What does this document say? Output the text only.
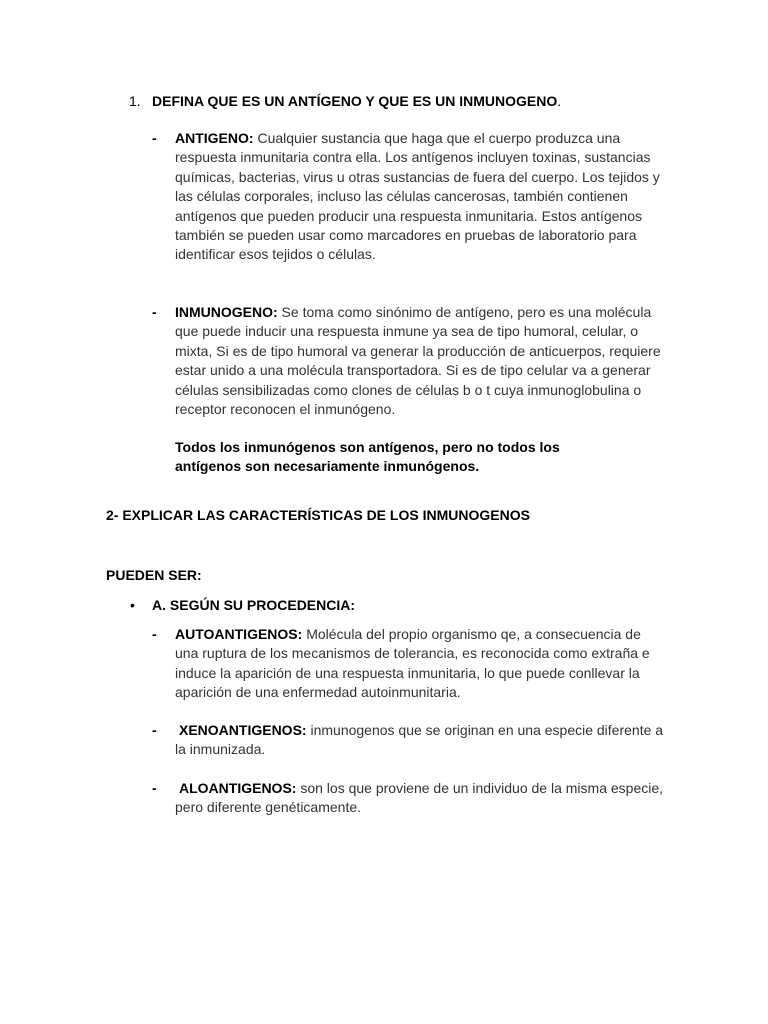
1. DEFINA QUE ES UN ANTÍGENO Y QUE ES UN INMUNOGENO.
- ANTIGENO: Cualquier sustancia que haga que el cuerpo produzca una respuesta inmunitaria contra ella. Los antígenos incluyen toxinas, sustancias químicas, bacterias, virus u otras sustancias de fuera del cuerpo. Los tejidos y las células corporales, incluso las células cancerosas, también contienen antígenos que pueden producir una respuesta inmunitaria. Estos antígenos también se pueden usar como marcadores en pruebas de laboratorio para identificar esos tejidos o células.
- INMUNOGENO: Se toma como sinónimo de antígeno, pero es una molécula que puede inducir una respuesta inmune ya sea de tipo humoral, celular, o mixta, Si es de tipo humoral va generar la producción de anticuerpos, requiere estar unido a una molécula transportadora. Si es de tipo celular va a generar células sensibilizadas como clones de células b o t cuya inmunoglobulina o receptor reconocen el inmunógeno.
Todos los inmunógenos son antígenos, pero no todos los antígenos son necesariamente inmunógenos.
2- EXPLICAR LAS CARACTERÍSTICAS DE LOS INMUNOGENOS
PUEDEN SER:
• A. SEGÚN SU PROCEDENCIA:
- AUTOANTIGENOS: Molécula del propio organismo qe, a consecuencia de una ruptura de los mecanismos de tolerancia, es reconocida como extraña e induce la aparición de una respuesta inmunitaria, lo que puede conllevar la aparición de una enfermedad autoinmunitaria.
- XENOANTIGENOS: inmunogenos que se originan en una especie diferente a la inmunizada.
- ALOANTIGENOS: son los que proviene de un individuo de la misma especie, pero diferente genéticamente.
